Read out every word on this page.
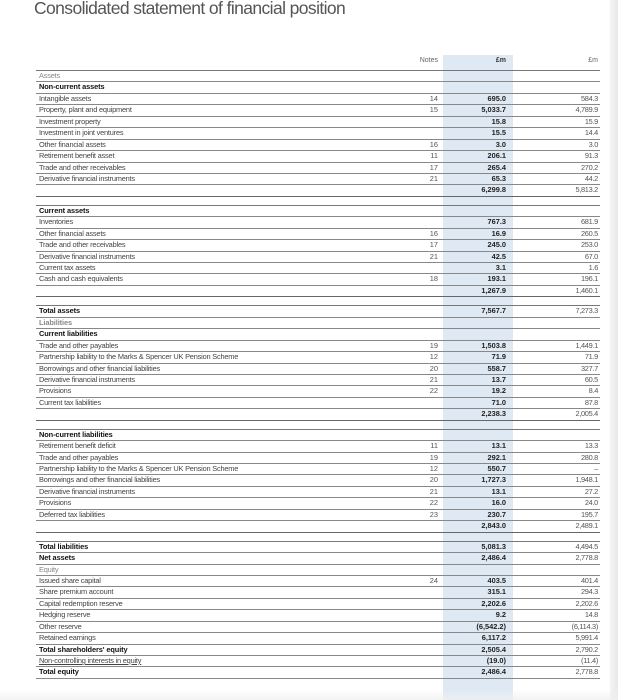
Consolidated statement of financial position
Notes	£m	£m
Assets
Non-current assets
Intangible assets	14	695.0	584.3
Property, plant and equipment	15	5,033.7	4,789.9
Investment property	15.8	15.9
Investment in joint ventures	15.5	14.4
Other financial assets	16	3.0	3.0
Retirement benefit asset	11	206.1	91.3
Trade and other receivables	17	265.4	270.2
Derivative financial instruments	21	65.3	44.2
6,299.8	5,813.2
Current assets
Inventories	767.3	681.9
Other financial assets	16	16.9	260.5
Trade and other receivables	17	245.0	253.0
Derivative financial instruments	21	42.5	67.0
Current tax assets	3.1	1.6
Cash and cash equivalents	18	193.1	196.1
1,267.9	1,460.1
Total assets	7,567.7	7,273.3
Liabilities
Current liabilities
Trade and other payables	19	1,503.8	1,449.1
Partnership liability to the Marks & Spencer UK Pension Scheme	12	71.9	71.9
Borrowings and other financial liabilities	20	558.7	327.7
Derivative financial instruments	21	13.7	60.5
Provisions	22	19.2	8.4
Current tax liabilities	71.0	87.8
2,238.3	2,005.4
Non-current liabilities
Retirement benefit deficit	11	13.1	13.3
Trade and other payables	19	292.1	280.8
Partnership liability to the Marks & Spencer UK Pension Scheme	12	550.7	–
Borrowings and other financial liabilities	20	1,727.3	1,948.1
Derivative financial instruments	21	13.1	27.2
Provisions	22	16.0	24.0
Deferred tax liabilities	23	230.7	195.7
2,843.0	2,489.1
Total liabilities	5,081.3	4,494.5
Net assets	2,486.4	2,778.8
Equity
Issued share capital	24	403.5	401.4
Share premium account	315.1	294.3
Capital redemption reserve	2,202.6	2,202.6
Hedging reserve	9.2	14.8
Other reserve	(6,542.2)	(6,114.3)
Retained earnings	6,117.2	5,991.4
Total shareholders' equity	2,505.4	2,790.2
Non-controlling interests in equity	(19.0)	(11.4)
Total equity	2,486.4	2,778.8
